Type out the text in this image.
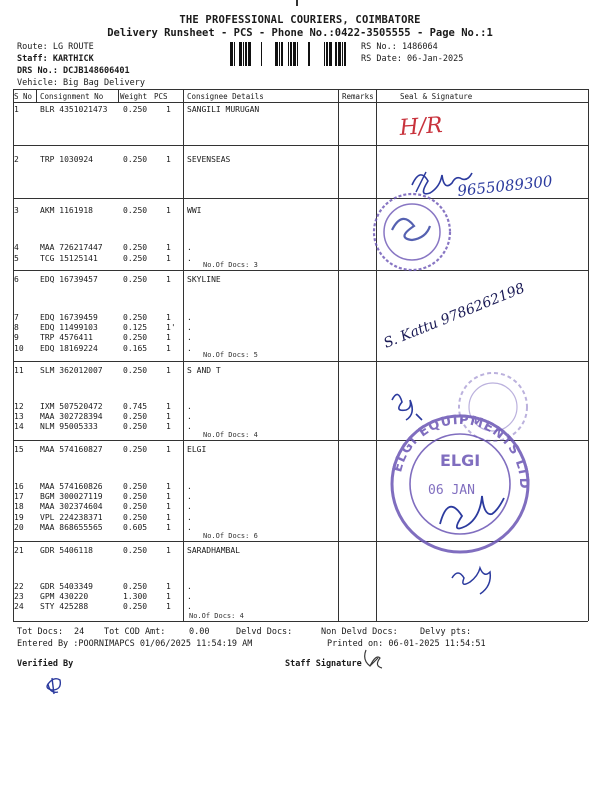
THE PROFESSIONAL COURIERS, COIMBATORE
Delivery Runsheet - PCS - Phone No.:0422-3505555 - Page No.:1
Route: LG ROUTE
Staff: KARTHICK
DRS No.: DCJB148606401
Vehicle: Big Bag Delivery
RS No.: 1486064
RS Date: 06-Jan-2025
S No Consignment No Weight PCS	Consignee Details	Remarks	Seal & Signature
1	BLR 4351021473 0.250 1 SANGILI MURUGAN
2	TRP 1030924	0.250 1 SEVENSEAS
3	AKM 1161918	0.250 1 WWI
4	MAA 726217447	0.250 1 .
5	TCG 15125141	0.250 1 .
6	EDQ 16739457	0.250 1 SKYLINE
7	EDQ 16739459	0.250 1 .
8	EDQ 11499103	0.125 1' .
9	TRP 4576411	0.250 1 .
10 EDQ 18169224	0.165 1 .
11 SLM 362012007	0.250 1 S AND T
12 IXM 507520472	0.745 1 .
13 MAA 302728394	0.250 1 .
14 NLM 95005333	0.250 1 .
15 MAA 574160827	0.250 1 ELGI
16 MAA 574160826	0.250 1 .
17 BGM 300027119	0.250 1 .
18 MAA 302374604	0.250 1 .
19 VPL 224238371	0.250 1 .
20 MAA 868655565	0.605 1 .
21 GDR 5406118	0.250 1 SARADHAMBAL
22 GDR 5403349	0.250 1 .
23 GPM 430220	1.300 1 .
24 STY 425288	0.250 1 .
No.Of Docs: 3
No.Of Docs: 5
No.Of Docs: 4
No.Of Docs: 6
No.Of Docs: 4
Tot Docs: 24 Tot COD Amt:	0.00	Delvd Docs:	Non Delvd Docs:	Delvy pts:
Entered By :POORNIMAPCS 01/06/2025 11:54:19 AM	Printed on: 06-01-2025 11:54:51
Verified By	Staff Signature
H/R
9655089300
S. Kattu 9786262198
ELGI EQUIPMENTS LTD
ELGI
06 JAN
